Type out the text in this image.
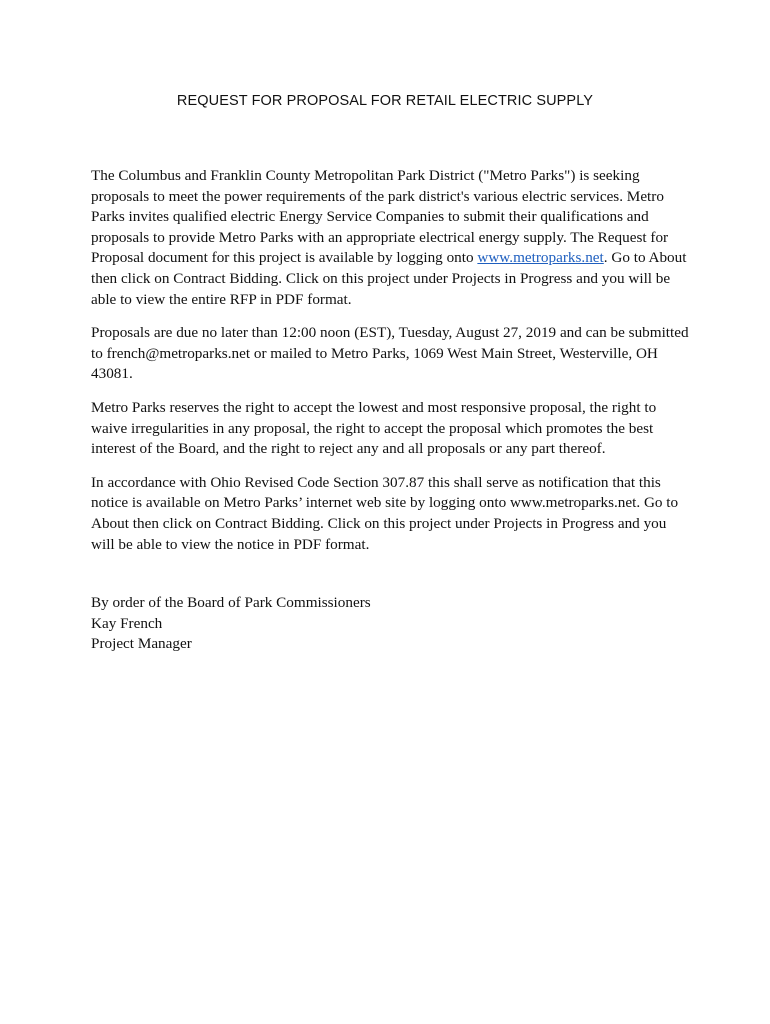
REQUEST FOR PROPOSAL FOR RETAIL ELECTRIC SUPPLY

The Columbus and Franklin County Metropolitan Park District ("Metro Parks") is seeking proposals to meet the power requirements of the park district's various electric services. Metro Parks invites qualified electric Energy Service Companies to submit their qualifications and proposals to provide Metro Parks with an appropriate electrical energy supply. The Request for Proposal document for this project is available by logging onto www.metroparks.net. Go to About then click on Contract Bidding. Click on this project under Projects in Progress and you will be able to view the entire RFP in PDF format.

Proposals are due no later than 12:00 noon (EST), Tuesday, August 27, 2019 and can be submitted to french@metroparks.net or mailed to Metro Parks, 1069 West Main Street, Westerville, OH 43081.

Metro Parks reserves the right to accept the lowest and most responsive proposal, the right to waive irregularities in any proposal, the right to accept the proposal which promotes the best interest of the Board, and the right to reject any and all proposals or any part thereof.

In accordance with Ohio Revised Code Section 307.87 this shall serve as notification that this notice is available on Metro Parks’ internet web site by logging onto www.metroparks.net. Go to About then click on Contract Bidding. Click on this project under Projects in Progress and you will be able to view the notice in PDF format.

By order of the Board of Park Commissioners
Kay French
Project Manager
